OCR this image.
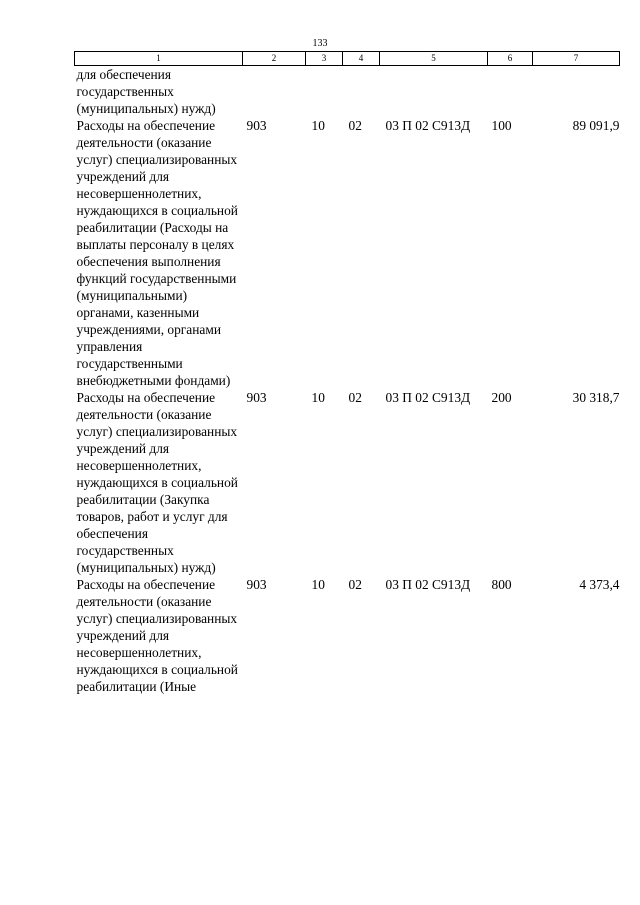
133
1	2	3	4	5	6	7
для обеспечения государственных (муниципальных) нужд)						
Расходы на обеспечение деятельности (оказание услуг) специализированных учреждений для несовершеннолетних, нуждающихся в социальной реабилитации (Расходы на выплаты персоналу в целях обеспечения выполнения функций государственными (муниципальными) органами, казенными учреждениями, органами управления государственными внебюджетными фондами)	903	10	02	03 П 02 С913Д	100	89 091,9
Расходы на обеспечение деятельности (оказание услуг) специализированных учреждений для несовершеннолетних, нуждающихся в социальной реабилитации (Закупка товаров, работ и услуг для обеспечения государственных (муниципальных) нужд)	903	10	02	03 П 02 С913Д	200	30 318,7
Расходы на обеспечение деятельности (оказание услуг) специализированных учреждений для несовершеннолетних, нуждающихся в социальной реабилитации (Иные	903	10	02	03 П 02 С913Д	800	4 373,4
